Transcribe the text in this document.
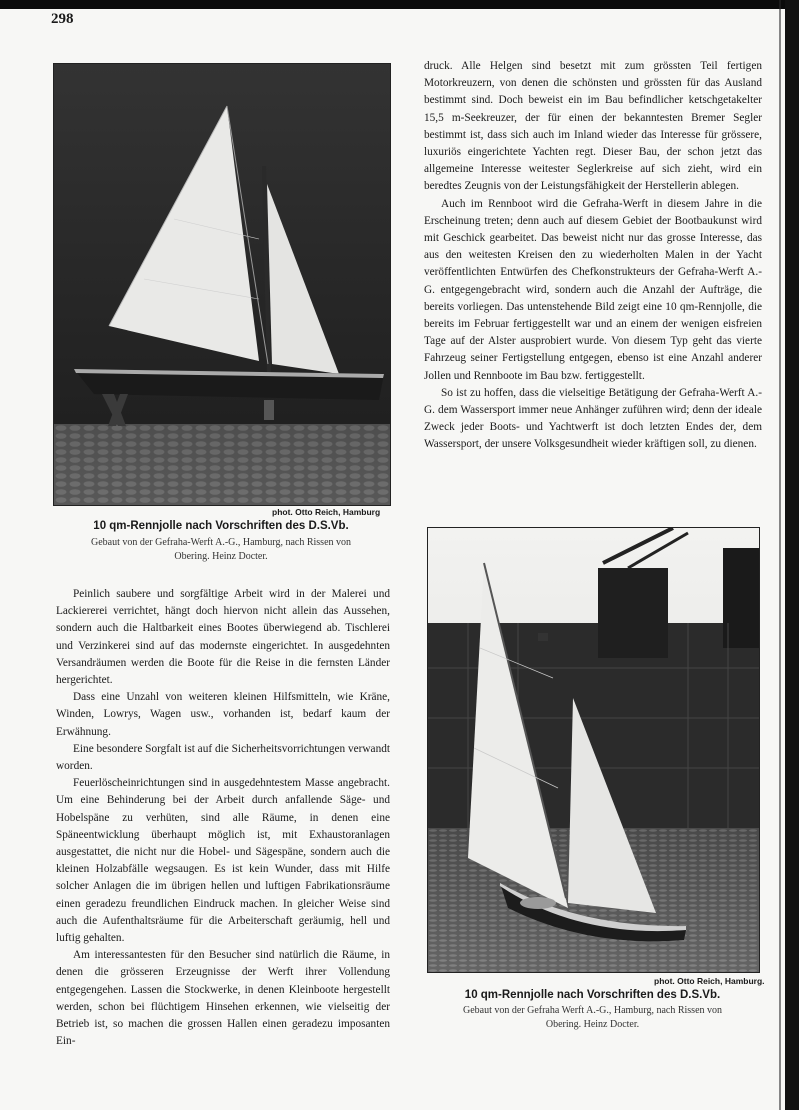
298
phot. Otto Reich, Hamburg
10 qm-Rennjolle nach Vorschriften des D.S.Vb.
Gebaut von der Gefraha-Werft A.-G., Hamburg, nach Rissen von
Obering. Heinz Docter.

druck. Alle Helgen sind besetzt mit zum grössten Teil fertigen Motorkreuzern, von denen die schönsten und grössten für das Ausland bestimmt sind. Doch beweist ein im Bau befindlicher ketschgetakelter 15,5 m-Seekreuzer, der für einen der bekanntesten Bremer Segler bestimmt ist, dass sich auch im Inland wieder das Interesse für grössere, luxuriös eingerichtete Yachten regt. Dieser Bau, der schon jetzt das allgemeine Interesse weitester Seglerkreise auf sich zieht, wird ein beredtes Zeugnis von der Leistungsfähigkeit der Herstellerin ablegen.

Auch im Rennboot wird die Gefraha-Werft in diesem Jahre in die Erscheinung treten; denn auch auf diesem Gebiet der Bootbaukunst wird mit Geschick gearbeitet. Das beweist nicht nur das grosse Interesse, das aus den weitesten Kreisen den zu wiederholten Malen in der Yacht veröffentlichten Entwürfen des Chefkonstrukteurs der Gefraha-Werft A.-G. entgegengebracht wird, sondern auch die Anzahl der Aufträge, die bereits vorliegen. Das untenstehende Bild zeigt eine 10 qm-Rennjolle, die bereits im Februar fertiggestellt war und an einem der wenigen eisfreien Tage auf der Alster ausprobiert wurde. Von diesem Typ geht das vierte Fahrzeug seiner Fertigstellung entgegen, ebenso ist eine Anzahl anderer Jollen und Rennboote im Bau bzw. fertiggestellt.

So ist zu hoffen, dass die vielseitige Betätigung der Gefraha-Werft A.-G. dem Wassersport immer neue Anhänger zuführen wird; denn der ideale Zweck jeder Boots- und Yachtwerft ist doch letzten Endes der, dem Wassersport, der unsere Volksgesundheit wieder kräftigen soll, zu dienen.

phot. Otto Reich, Hamburg.
10 qm-Rennjolle nach Vorschriften des D.S.Vb.
Gebaut von der Gefraha Werft A.-G., Hamburg, nach Rissen von
Obering. Heinz Docter.

Peinlich saubere und sorgfältige Arbeit wird in der Malerei und Lackiererei verrichtet, hängt doch hiervon nicht allein das Aussehen, sondern auch die Haltbarkeit eines Bootes überwiegend ab. Tischlerei und Verzinkerei sind auf das modernste eingerichtet. In ausgedehnten Versandräumen werden die Boote für die Reise in die fernsten Länder hergerichtet.

Dass eine Unzahl von weiteren kleinen Hilfsmitteln, wie Kräne, Winden, Lowrys, Wagen usw., vorhanden ist, bedarf kaum der Erwähnung.

Eine besondere Sorgfalt ist auf die Sicherheitsvorrichtungen verwandt worden.

Feuerlöscheinrichtungen sind in ausgedehntestem Masse angebracht. Um eine Behinderung bei der Arbeit durch anfallende Säge- und Hobelspäne zu verhüten, sind alle Räume, in denen eine Späneentwicklung überhaupt möglich ist, mit Exhaustoranlagen ausgestattet, die nicht nur die Hobel- und Sägespäne, sondern auch die kleinen Holzabfälle wegsaugen. Es ist kein Wunder, dass mit Hilfe solcher Anlagen die im übrigen hellen und luftigen Fabrikationsräume einen geradezu freundlichen Eindruck machen. In gleicher Weise sind auch die Aufenthaltsräume für die Arbeiterschaft geräumig, hell und luftig gehalten.

Am interessantesten für den Besucher sind natürlich die Räume, in denen die grösseren Erzeugnisse der Werft ihrer Vollendung entgegengehen. Lassen die Stockwerke, in denen Kleinboote hergestellt werden, schon bei flüchtigem Hinsehen erkennen, wie vielseitig der Betrieb ist, so machen die grossen Hallen einen geradezu imposanten Ein-
